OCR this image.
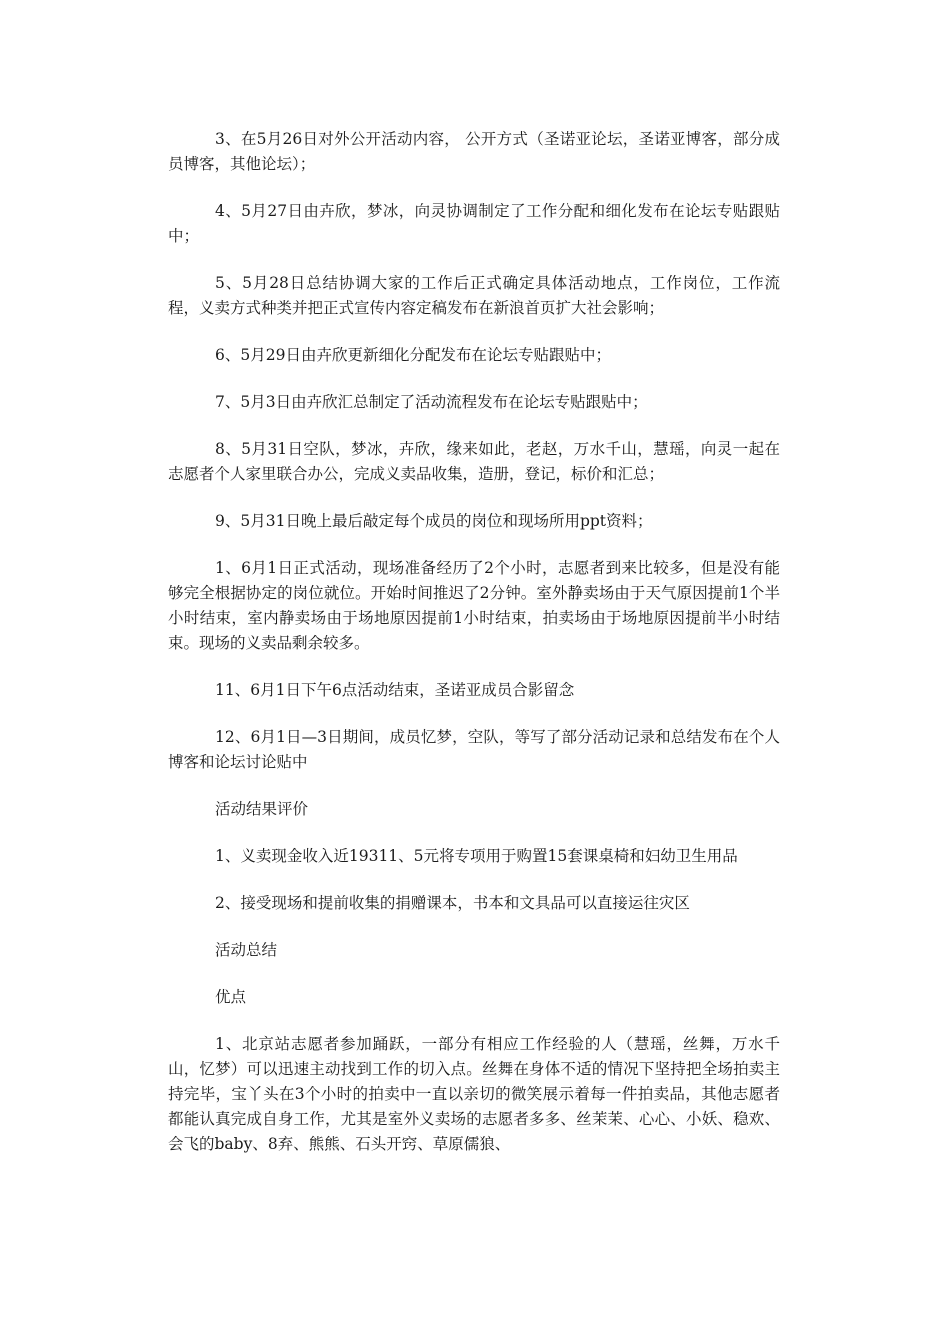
3、在5月26日对外公开活动内容， 公开方式（圣诺亚论坛，圣诺亚博客，部分成员博客，其他论坛）；

4、5月27日由卉欣，梦冰，向灵协调制定了工作分配和细化发布在论坛专贴跟贴中；

5、5月28日总结协调大家的工作后正式确定具体活动地点，工作岗位，工作流程，义卖方式种类并把正式宣传内容定稿发布在新浪首页扩大社会影响；

6、5月29日由卉欣更新细化分配发布在论坛专贴跟贴中；

7、5月3日由卉欣汇总制定了活动流程发布在论坛专贴跟贴中；

8、5月31日空队，梦冰，卉欣，缘来如此，老赵，万水千山，慧瑶，向灵一起在志愿者个人家里联合办公，完成义卖品收集，造册，登记，标价和汇总；

9、5月31日晚上最后敲定每个成员的岗位和现场所用ppt资料；

1、6月1日正式活动，现场准备经历了2个小时，志愿者到来比较多，但是没有能够完全根据协定的岗位就位。开始时间推迟了2分钟。室外静卖场由于天气原因提前1个半小时结束，室内静卖场由于场地原因提前1小时结束，拍卖场由于场地原因提前半小时结束。现场的义卖品剩余较多。

11、6月1日下午6点活动结束，圣诺亚成员合影留念

12、6月1日—3日期间，成员忆梦，空队，等写了部分活动记录和总结发布在个人博客和论坛讨论贴中

活动结果评价

1、义卖现金收入近19311、5元将专项用于购置15套课桌椅和妇幼卫生用品

2、接受现场和提前收集的捐赠课本，书本和文具品可以直接运往灾区

活动总结

优点

1、北京站志愿者参加踊跃，一部分有相应工作经验的人（慧瑶，丝舞，万水千山，忆梦）可以迅速主动找到工作的切入点。丝舞在身体不适的情况下坚持把全场拍卖主持完毕，宝丫头在3个小时的拍卖中一直以亲切的微笑展示着每一件拍卖品，其他志愿者都能认真完成自身工作，尤其是室外义卖场的志愿者多多、丝茉茉、心心、小妖、稳欢、会飞的baby、8弃、熊熊、石头开窍、草原儒狼、
